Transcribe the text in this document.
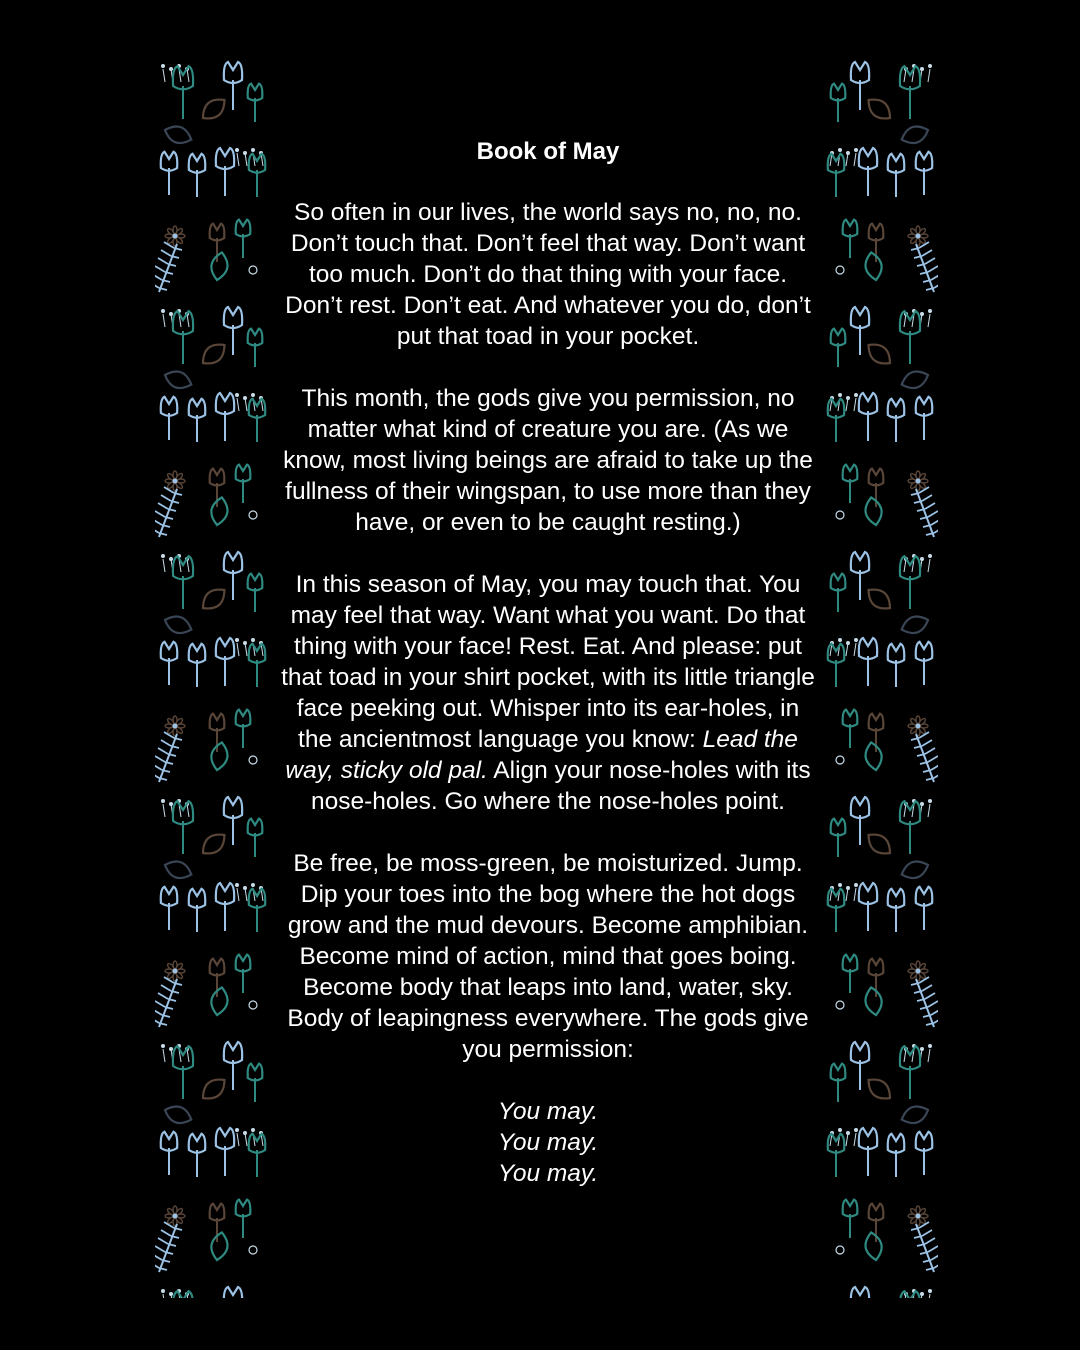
Book of May
So often in our lives, the world says no, no, no. Don’t touch that. Don’t feel that way. Don’t want too much. Don’t do that thing with your face. Don’t rest. Don’t eat. And whatever you do, don’t put that toad in your pocket.
This month, the gods give you permission, no matter what kind of creature you are. (As we know, most living beings are afraid to take up the fullness of their wingspan, to use more than they have, or even to be caught resting.)
In this season of May, you may touch that. You may feel that way. Want what you want. Do that thing with your face! Rest. Eat. And please: put that toad in your shirt pocket, with its little triangle face peeking out. Whisper into its ear-holes, in the ancientmost language you know: Lead the way, sticky old pal. Align your nose-holes with its nose-holes. Go where the nose-holes point.
Be free, be moss-green, be moisturized. Jump. Dip your toes into the bog where the hot dogs grow and the mud devours. Become amphibian. Become mind of action, mind that goes boing. Become body that leaps into land, water, sky. Body of leapingness everywhere. The gods give you permission:
You may.
You may.
You may.
